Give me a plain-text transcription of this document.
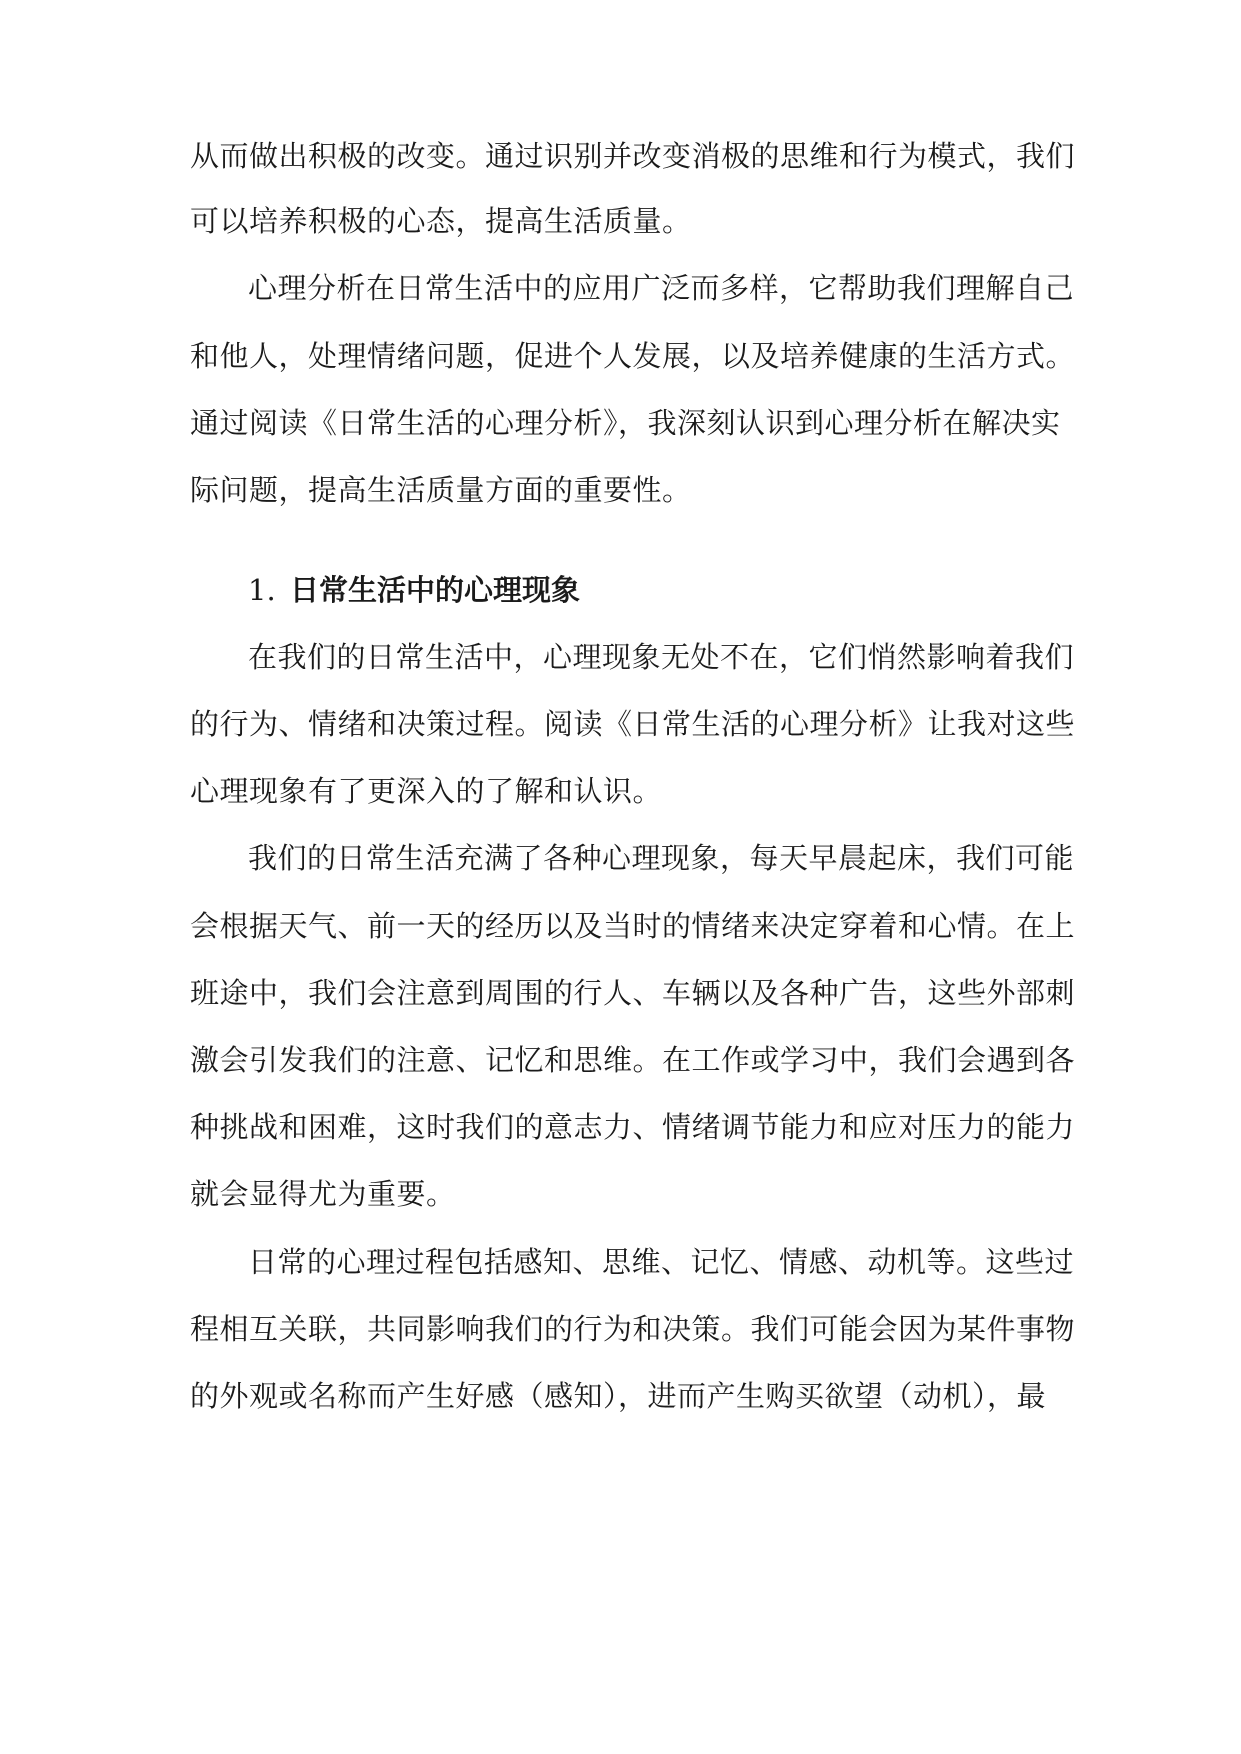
从而做出积极的改变。通过识别并改变消极的思维和行为模式，我们
可以培养积极的心态，提高生活质量。
心理分析在日常生活中的应用广泛而多样，它帮助我们理解自己
和他人，处理情绪问题，促进个人发展，以及培养健康的生活方式。
通过阅读《日常生活的心理分析》，我深刻认识到心理分析在解决实
际问题，提高生活质量方面的重要性。
1. 日常生活中的心理现象
在我们的日常生活中，心理现象无处不在，它们悄然影响着我们
的行为、情绪和决策过程。阅读《日常生活的心理分析》让我对这些
心理现象有了更深入的了解和认识。
我们的日常生活充满了各种心理现象，每天早晨起床，我们可能
会根据天气、前一天的经历以及当时的情绪来决定穿着和心情。在上
班途中，我们会注意到周围的行人、车辆以及各种广告，这些外部刺
激会引发我们的注意、记忆和思维。在工作或学习中，我们会遇到各
种挑战和困难，这时我们的意志力、情绪调节能力和应对压力的能力
就会显得尤为重要。
日常的心理过程包括感知、思维、记忆、情感、动机等。这些过
程相互关联，共同影响我们的行为和决策。我们可能会因为某件事物
的外观或名称而产生好感（感知），进而产生购买欲望（动机），最
